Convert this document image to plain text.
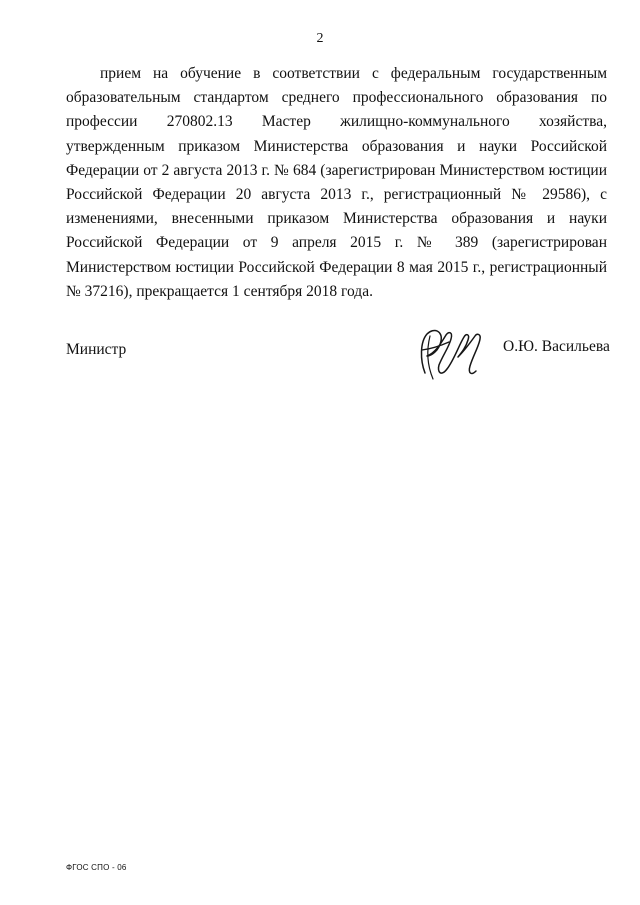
2

прием на обучение в соответствии с федеральным государственным образовательным стандартом среднего профессионального образования по профессии 270802.13 Мастер жилищно-коммунального хозяйства, утвержденным приказом Министерства образования и науки Российской Федерации от 2 августа 2013 г. № 684 (зарегистрирован Министерством юстиции Российской Федерации 20 августа 2013 г., регистрационный № 29586), с изменениями, внесенными приказом Министерства образования и науки Российской Федерации от 9 апреля 2015 г. № 389 (зарегистрирован Министерством юстиции Российской Федерации 8 мая 2015 г., регистрационный № 37216), прекращается 1 сентября 2018 года.

Министр	О.Ю. Васильева
ФГОС СПО - 06
